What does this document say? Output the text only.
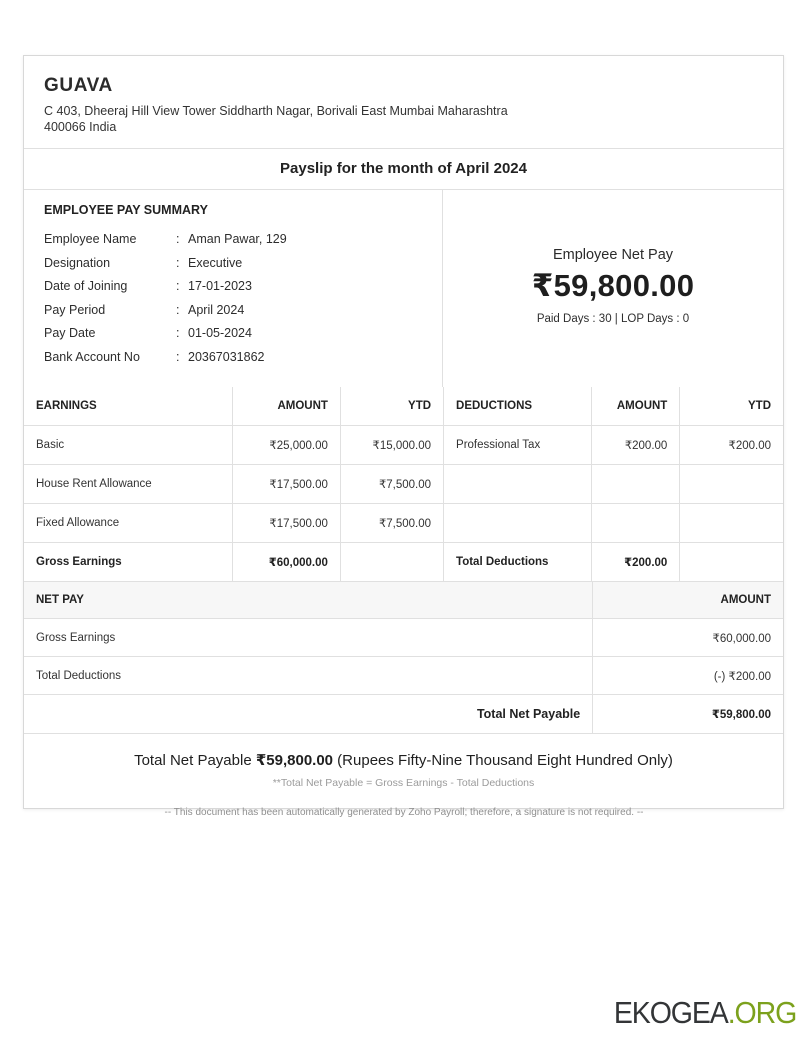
GUAVA
C 403, Dheeraj Hill View Tower Siddharth Nagar, Borivali East Mumbai Maharashtra
400066 India
Payslip for the month of April 2024
EMPLOYEE PAY SUMMARY
Employee Name	: Aman Pawar, 129
Designation	: Executive
Date of Joining	: 17-01-2023
Pay Period	: April 2024
Pay Date	: 01-05-2024
Bank Account No	: 20367031862
Employee Net Pay
₹59,800.00
Paid Days : 30 | LOP Days : 0
EARNINGS	AMOUNT	YTD	DEDUCTIONS	AMOUNT	YTD
Basic	₹25,000.00	₹15,000.00	Professional Tax	₹200.00	₹200.00
House Rent Allowance	₹17,500.00	₹7,500.00			
Fixed Allowance	₹17,500.00	₹7,500.00			
Gross Earnings	₹60,000.00		Total Deductions	₹200.00	
NET PAY	AMOUNT
Gross Earnings	₹60,000.00
Total Deductions	(-) ₹200.00
Total Net Payable	₹59,800.00
Total Net Payable ₹59,800.00 (Rupees Fifty-Nine Thousand Eight Hundred Only)
**Total Net Payable = Gross Earnings - Total Deductions
-- This document has been automatically generated by Zoho Payroll; therefore, a signature is not required. --
EKOGEA.ORG
